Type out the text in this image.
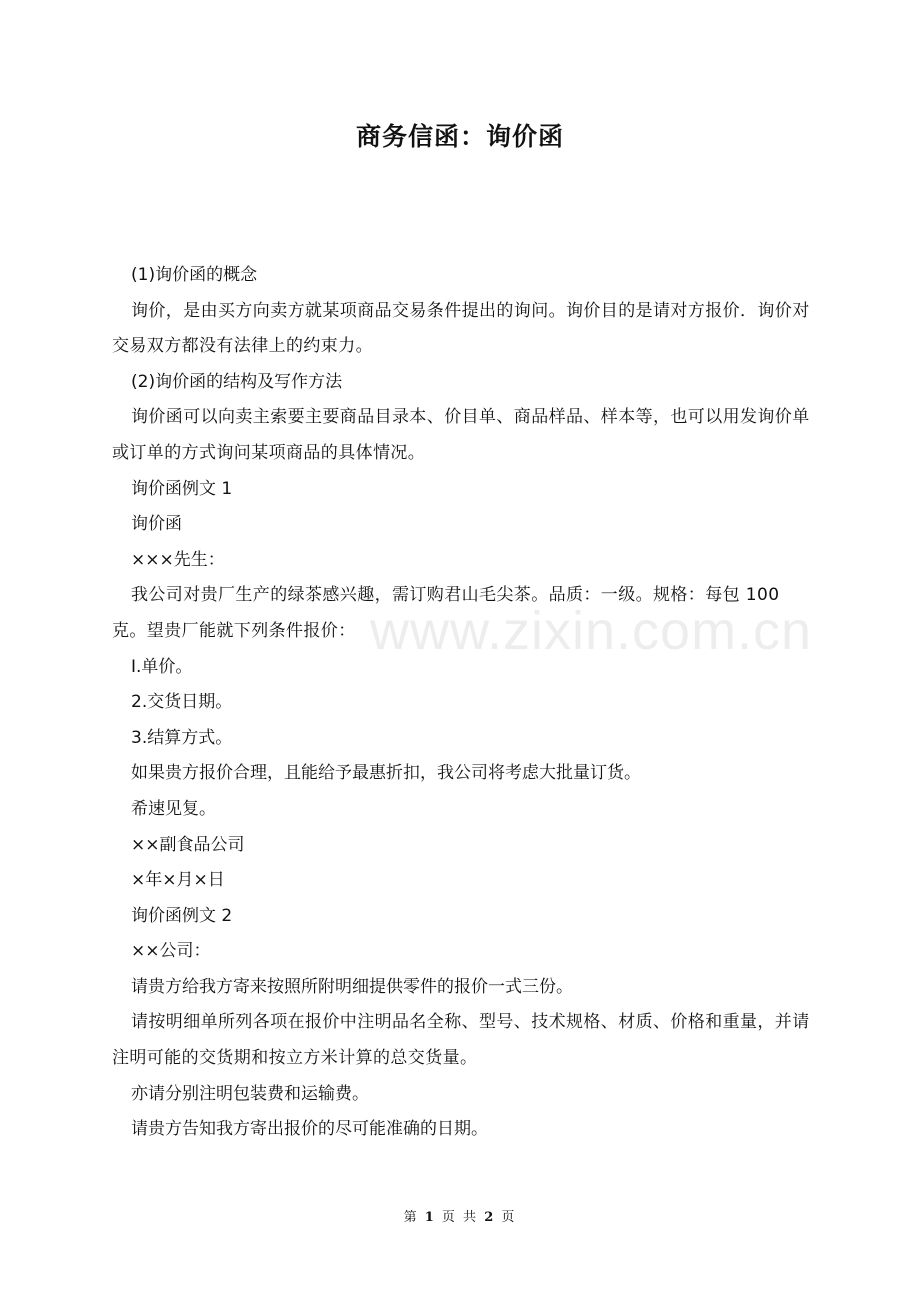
商务信函：询价函
www.zixin.com.cn

(1)询价函的概念

询价，是由买方向卖方就某项商品交易条件提出的询问。询价目的是请对方报价．询价对交易双方都没有法律上的约束力。

(2)询价函的结构及写作方法

询价函可以向卖主索要主要商品目录本、价目单、商品样品、样本等，也可以用发询价单或订单的方式询问某项商品的具体情况。

询价函例文 1

询价函

×××先生：

我公司对贵厂生产的绿茶感兴趣，需订购君山毛尖茶。品质：一级。规格：每包 100克。望贵厂能就下列条件报价：

I.单价。

2.交货日期。

3.结算方式。

如果贵方报价合理，且能给予最惠折扣，我公司将考虑大批量订货。

希速见复。

××副食品公司

×年×月×日

询价函例文 2

××公司：

请贵方给我方寄来按照所附明细提供零件的报价一式三份。

请按明细单所列各项在报价中注明品名全称、型号、技术规格、材质、价格和重量，并请注明可能的交货期和按立方米计算的总交货量。

亦请分别注明包装费和运输费。

请贵方告知我方寄出报价的尽可能准确的日期。

第 1 页 共 2 页
